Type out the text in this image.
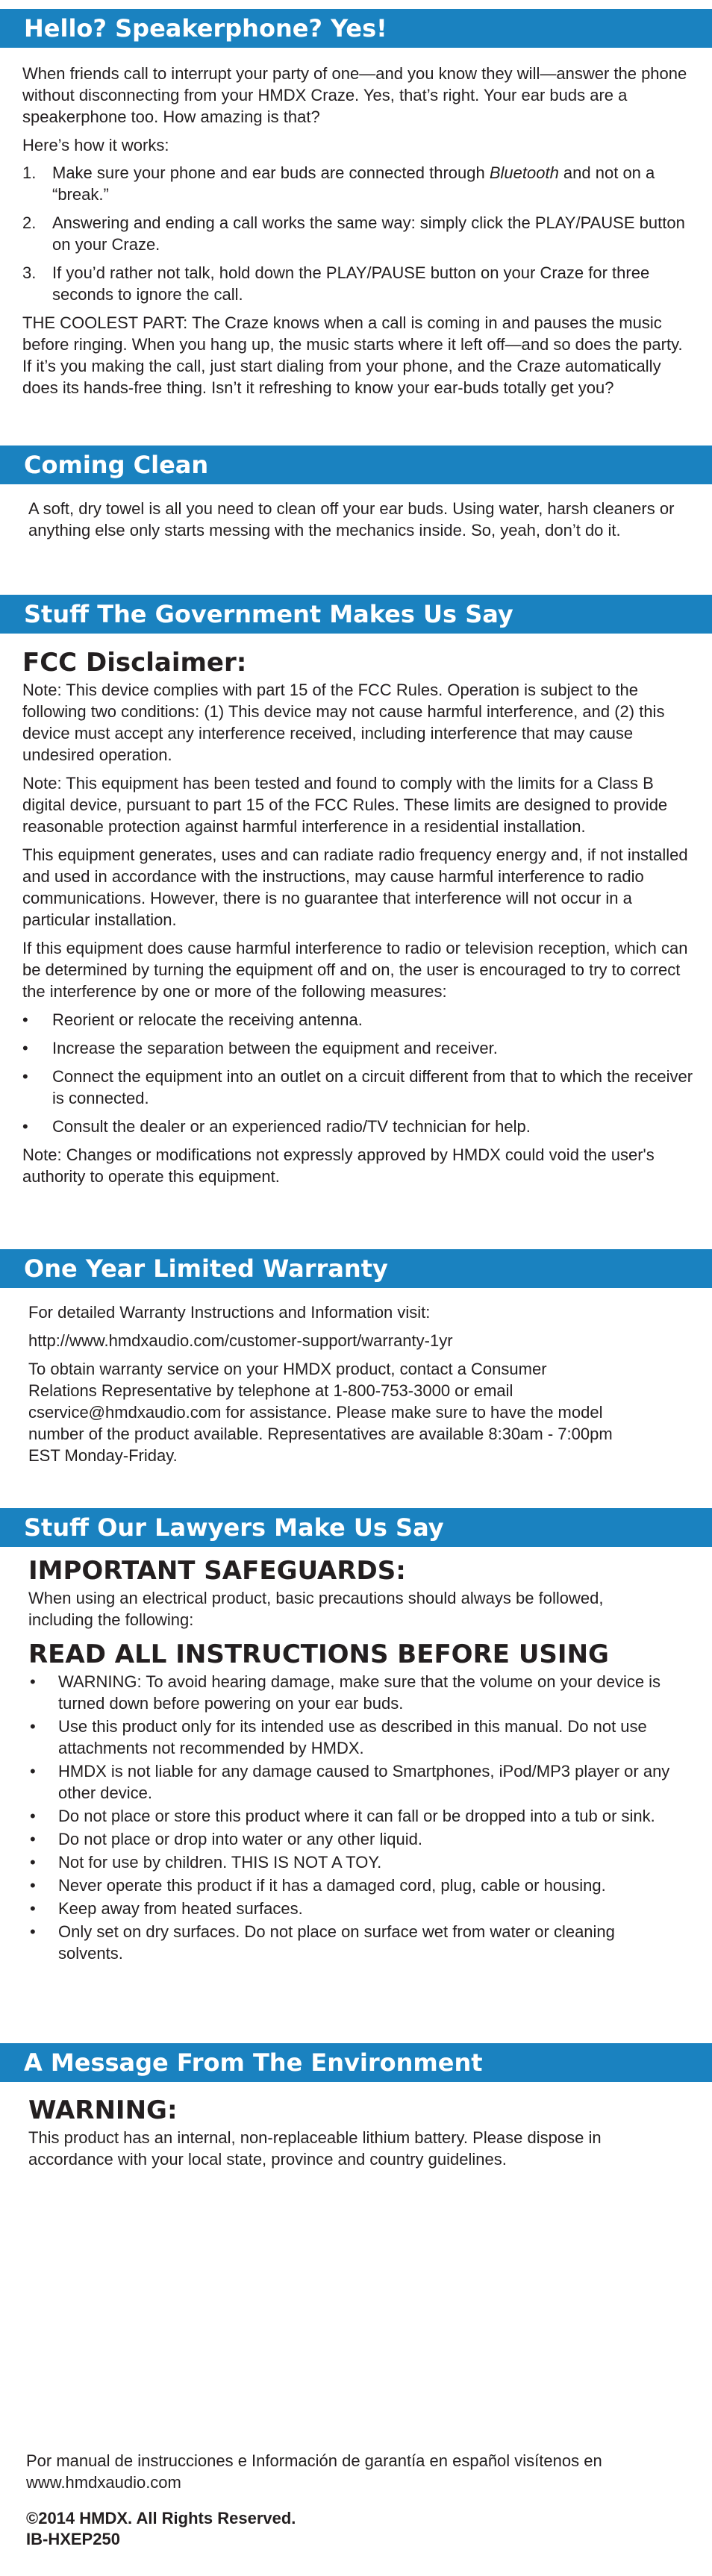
Hello? Speakerphone? Yes!

When friends call to interrupt your party of one—and you know they will—answer the phone without disconnecting from your HMDX Craze. Yes, that’s right. Your ear buds are a speakerphone too. How amazing is that?

Here’s how it works:

1. Make sure your phone and ear buds are connected through Bluetooth and not on a “break.”
2. Answering and ending a call works the same way: simply click the PLAY/PAUSE button on your Craze.
3. If you’d rather not talk, hold down the PLAY/PAUSE button on your Craze for three seconds to ignore the call.

THE COOLEST PART: The Craze knows when a call is coming in and pauses the music before ringing. When you hang up, the music starts where it left off—and so does the party. If it’s you making the call, just start dialing from your phone, and the Craze automatically does its hands-free thing. Isn’t it refreshing to know your ear-buds totally get you?

Coming Clean

A soft, dry towel is all you need to clean off your ear buds. Using water, harsh cleaners or anything else only starts messing with the mechanics inside. So, yeah, don’t do it.

Stuff The Government Makes Us Say
FCC Disclaimer:

Note: This device complies with part 15 of the FCC Rules. Operation is subject to the following two conditions: (1) This device may not cause harmful interference, and (2) this device must accept any interference received, including interference that may cause undesired operation.

Note: This equipment has been tested and found to comply with the limits for a Class B digital device, pursuant to part 15 of the FCC Rules. These limits are designed to provide reasonable protection against harmful interference in a residential installation.

This equipment generates, uses and can radiate radio frequency energy and, if not installed and used in accordance with the instructions, may cause harmful interference to radio communications. However, there is no guarantee that interference will not occur in a particular installation.

If this equipment does cause harmful interference to radio or television reception, which can be determined by turning the equipment off and on, the user is encouraged to try to correct the interference by one or more of the following measures:

• Reorient or relocate the receiving antenna.
• Increase the separation between the equipment and receiver.
• Connect the equipment into an outlet on a circuit different from that to which the receiver is connected.
• Consult the dealer or an experienced radio/TV technician for help.

Note: Changes or modifications not expressly approved by HMDX could void the user's authority to operate this equipment.

One Year Limited Warranty

For detailed Warranty Instructions and Information visit:

http://www.hmdxaudio.com/customer-support/warranty-1yr

To obtain warranty service on your HMDX product, contact a Consumer Relations Representative by telephone at 1-800-753-3000 or email cservice@hmdxaudio.com for assistance. Please make sure to have the model number of the product available. Representatives are available 8:30am - 7:00pm EST Monday-Friday.

Stuff Our Lawyers Make Us Say
IMPORTANT SAFEGUARDS:

When using an electrical product, basic precautions should always be followed, including the following:

READ ALL INSTRUCTIONS BEFORE USING
• WARNING: To avoid hearing damage, make sure that the volume on your device is turned down before powering on your ear buds.
• Use this product only for its intended use as described in this manual. Do not use attachments not recommended by HMDX.
• HMDX is not liable for any damage caused to Smartphones, iPod/MP3 player or any other device.
• Do not place or store this product where it can fall or be dropped into a tub or sink.
• Do not place or drop into water or any other liquid.
• Not for use by children. THIS IS NOT A TOY.
• Never operate this product if it has a damaged cord, plug, cable or housing.
• Keep away from heated surfaces.
• Only set on dry surfaces. Do not place on surface wet from water or cleaning solvents.
A Message From The Environment
WARNING:

This product has an internal, non-replaceable lithium battery. Please dispose in accordance with your local state, province and country guidelines.

Por manual de instrucciones e Información de garantía en español visítenos en www.hmdxaudio.com

©2014 HMDX. All Rights Reserved.
IB-HXEP250
